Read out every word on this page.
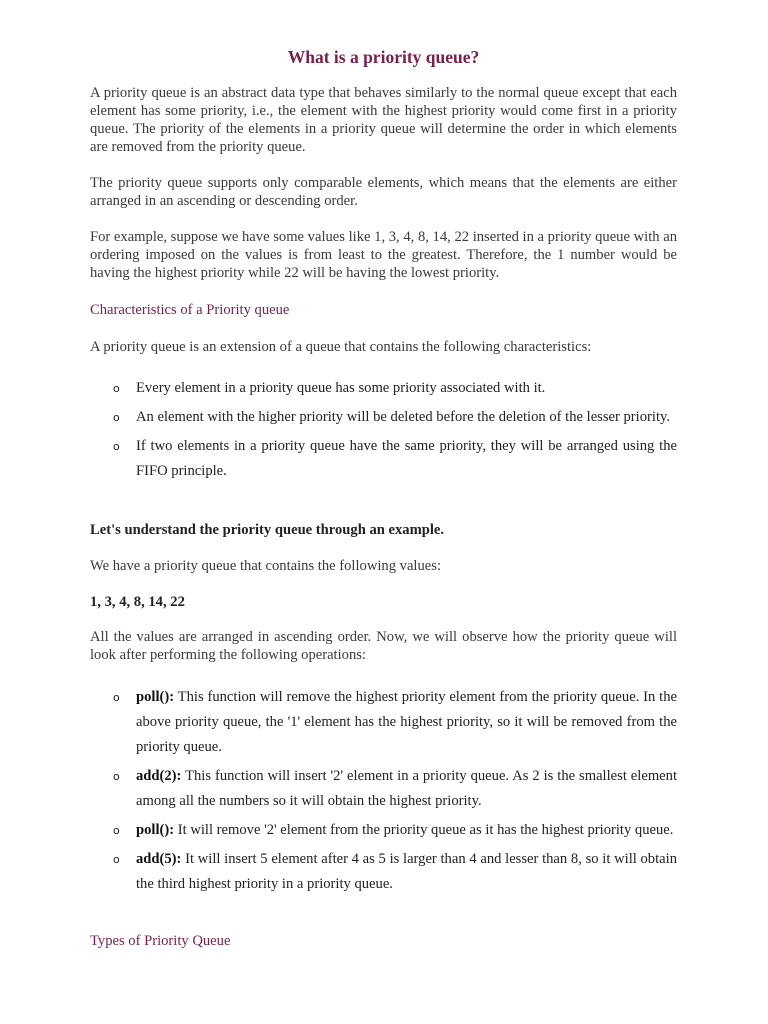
What is a priority queue?

A priority queue is an abstract data type that behaves similarly to the normal queue except that each element has some priority, i.e., the element with the highest priority would come first in a priority queue. The priority of the elements in a priority queue will determine the order in which elements are removed from the priority queue.

The priority queue supports only comparable elements, which means that the elements are either arranged in an ascending or descending order.

For example, suppose we have some values like 1, 3, 4, 8, 14, 22 inserted in a priority queue with an ordering imposed on the values is from least to the greatest. Therefore, the 1 number would be having the highest priority while 22 will be having the lowest priority.

Characteristics of a Priority queue

A priority queue is an extension of a queue that contains the following characteristics:

o Every element in a priority queue has some priority associated with it.
o An element with the higher priority will be deleted before the deletion of the lesser priority.
o If two elements in a priority queue have the same priority, they will be arranged using the FIFO principle.

Let's understand the priority queue through an example.

We have a priority queue that contains the following values:

1, 3, 4, 8, 14, 22

All the values are arranged in ascending order. Now, we will observe how the priority queue will look after performing the following operations:

o poll(): This function will remove the highest priority element from the priority queue. In the above priority queue, the '1' element has the highest priority, so it will be removed from the priority queue.
o add(2): This function will insert '2' element in a priority queue. As 2 is the smallest element among all the numbers so it will obtain the highest priority.
o poll(): It will remove '2' element from the priority queue as it has the highest priority queue.
o add(5): It will insert 5 element after 4 as 5 is larger than 4 and lesser than 8, so it will obtain the third highest priority in a priority queue.

Types of Priority Queue
